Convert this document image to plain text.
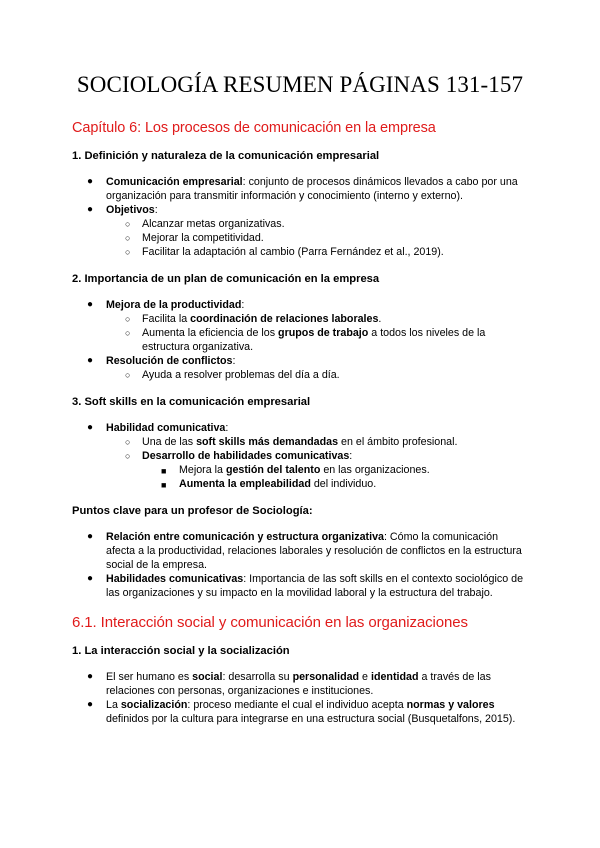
SOCIOLOGÍA RESUMEN PÁGINAS 131-157
Capítulo 6: Los procesos de comunicación en la empresa
1. Definición y naturaleza de la comunicación empresarial
● Comunicación empresarial: conjunto de procesos dinámicos llevados a cabo por una organización para transmitir información y conocimiento (interno y externo).
● Objetivos:
○ Alcanzar metas organizativas.
○ Mejorar la competitividad.
○ Facilitar la adaptación al cambio (Parra Fernández et al., 2019).
2. Importancia de un plan de comunicación en la empresa
● Mejora de la productividad:
○ Facilita la coordinación de relaciones laborales.
○ Aumenta la eficiencia de los grupos de trabajo a todos los niveles de la estructura organizativa.
● Resolución de conflictos:
○ Ayuda a resolver problemas del día a día.
3. Soft skills en la comunicación empresarial
● Habilidad comunicativa:
○ Una de las soft skills más demandadas en el ámbito profesional.
○ Desarrollo de habilidades comunicativas:
■ Mejora la gestión del talento en las organizaciones.
■ Aumenta la empleabilidad del individuo.
Puntos clave para un profesor de Sociología:
● Relación entre comunicación y estructura organizativa: Cómo la comunicación afecta a la productividad, relaciones laborales y resolución de conflictos en la estructura social de la empresa.
● Habilidades comunicativas: Importancia de las soft skills en el contexto sociológico de las organizaciones y su impacto en la movilidad laboral y la estructura del trabajo.
6.1. Interacción social y comunicación en las organizaciones
1. La interacción social y la socialización
● El ser humano es social: desarrolla su personalidad e identidad a través de las relaciones con personas, organizaciones e instituciones.
● La socialización: proceso mediante el cual el individuo acepta normas y valores definidos por la cultura para integrarse en una estructura social (Busquetalfons, 2015).
